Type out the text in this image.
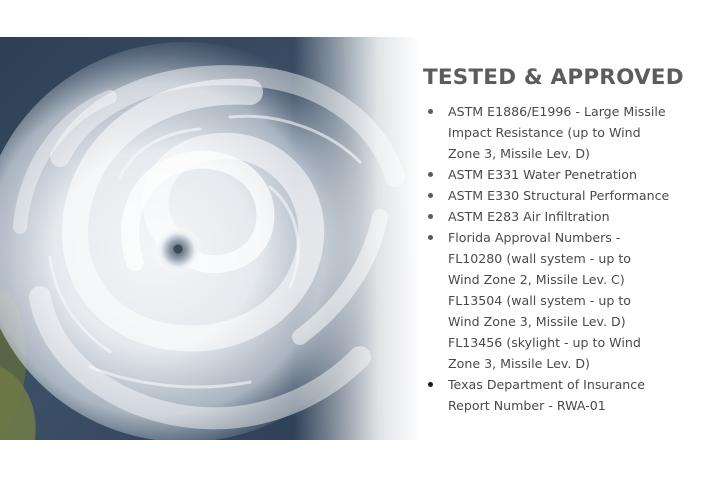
TESTED & APPROVED
ASTM E1886/E1996 - Large Missile
Impact Resistance (up to Wind
Zone 3, Missile Lev. D)
ASTM E331 Water Penetration
ASTM E330 Structural Performance
ASTM E283 Air Infiltration
Florida Approval Numbers -
FL10280 (wall system - up to
Wind Zone 2, Missile Lev. C)
FL13504 (wall system - up to
Wind Zone 3, Missile Lev. D)
FL13456 (skylight - up to Wind
Zone 3, Missile Lev. D)
Texas Department of Insurance
Report Number - RWA-01
